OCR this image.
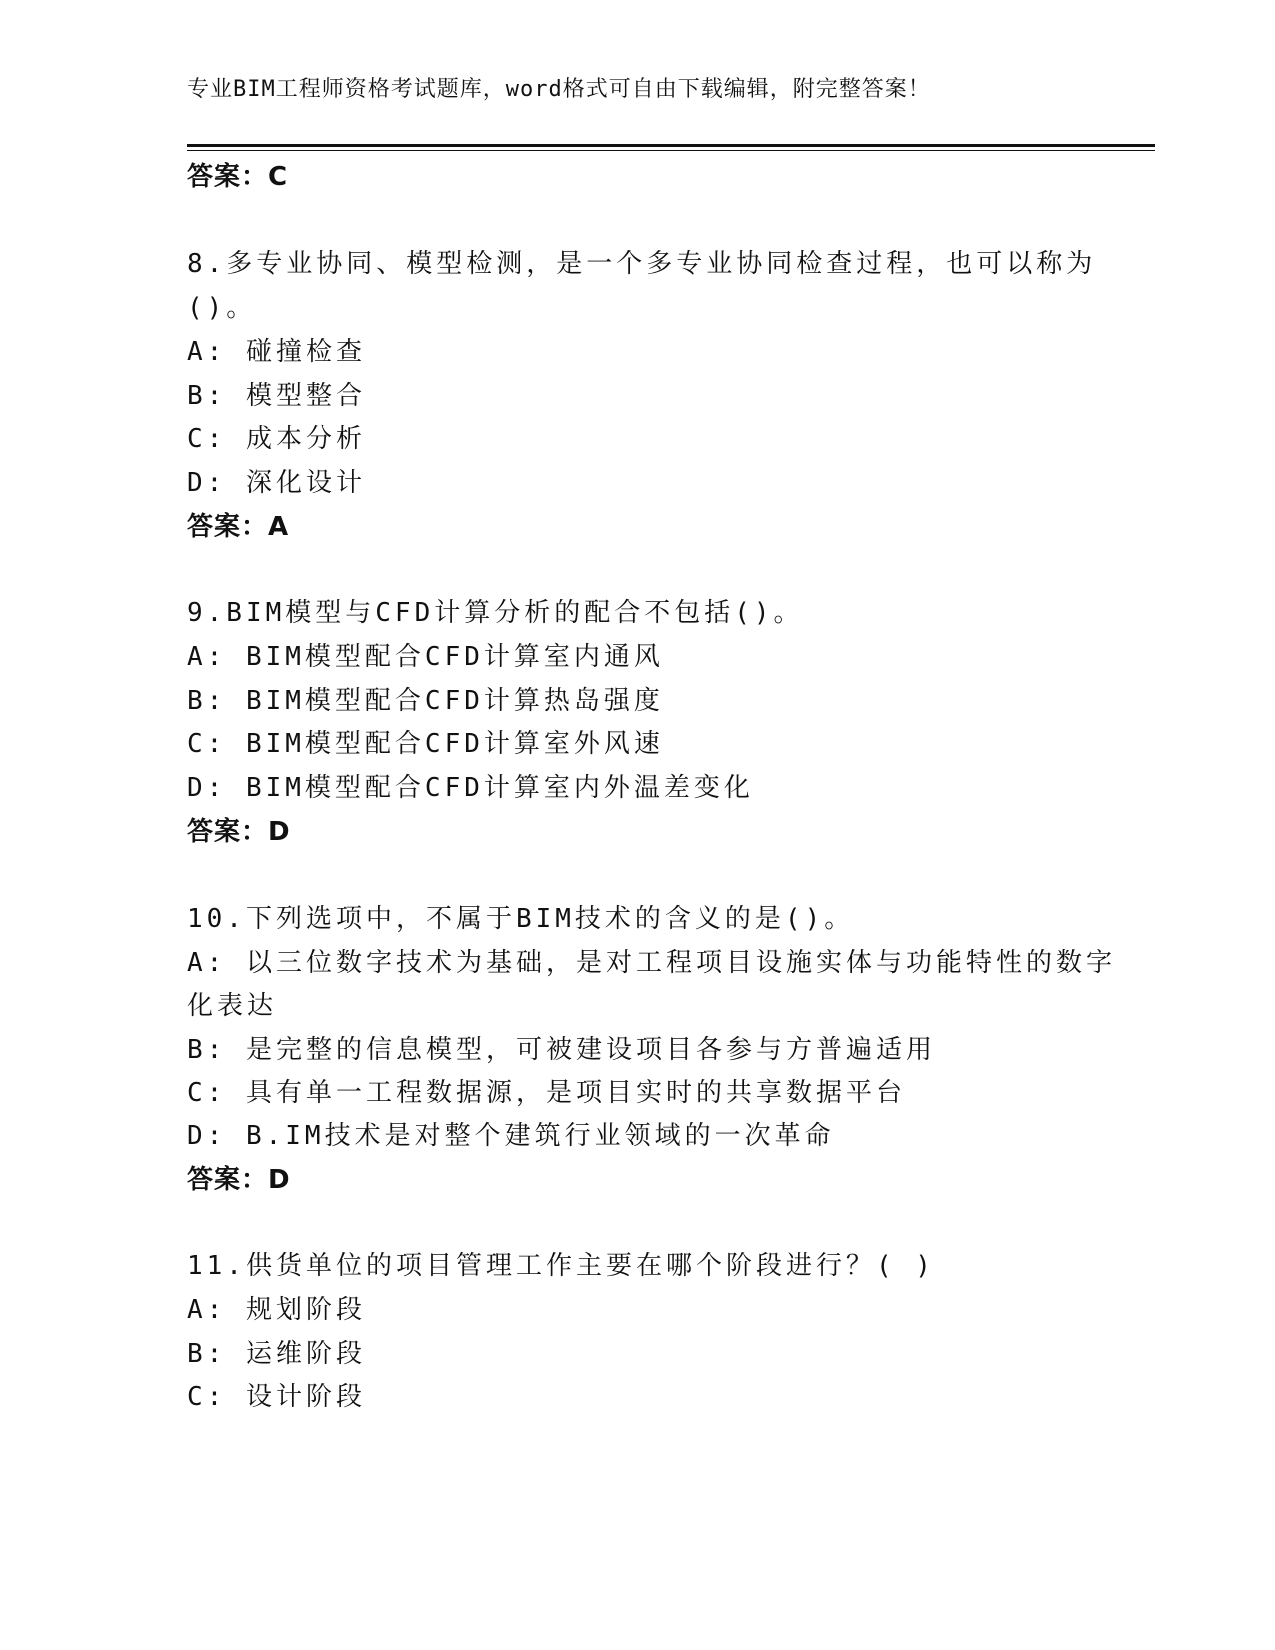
专业BIM工程师资格考试题库，word格式可自由下载编辑，附完整答案！
答案：C
8.多专业协同、模型检测，是一个多专业协同检查过程，也可以称为
()。
A: 碰撞检查
B: 模型整合
C: 成本分析
D: 深化设计
答案：A
9.BIM模型与CFD计算分析的配合不包括()。
A: BIM模型配合CFD计算室内通风
B: BIM模型配合CFD计算热岛强度
C: BIM模型配合CFD计算室外风速
D: BIM模型配合CFD计算室内外温差变化
答案：D
10.下列选项中，不属于BIM技术的含义的是()。
A: 以三位数字技术为基础，是对工程项目设施实体与功能特性的数字
化表达
B: 是完整的信息模型，可被建设项目各参与方普遍适用
C: 具有单一工程数据源，是项目实时的共享数据平台
D: B.IM技术是对整个建筑行业领域的一次革命
答案：D
11.供货单位的项目管理工作主要在哪个阶段进行？( )
A: 规划阶段
B: 运维阶段
C: 设计阶段
